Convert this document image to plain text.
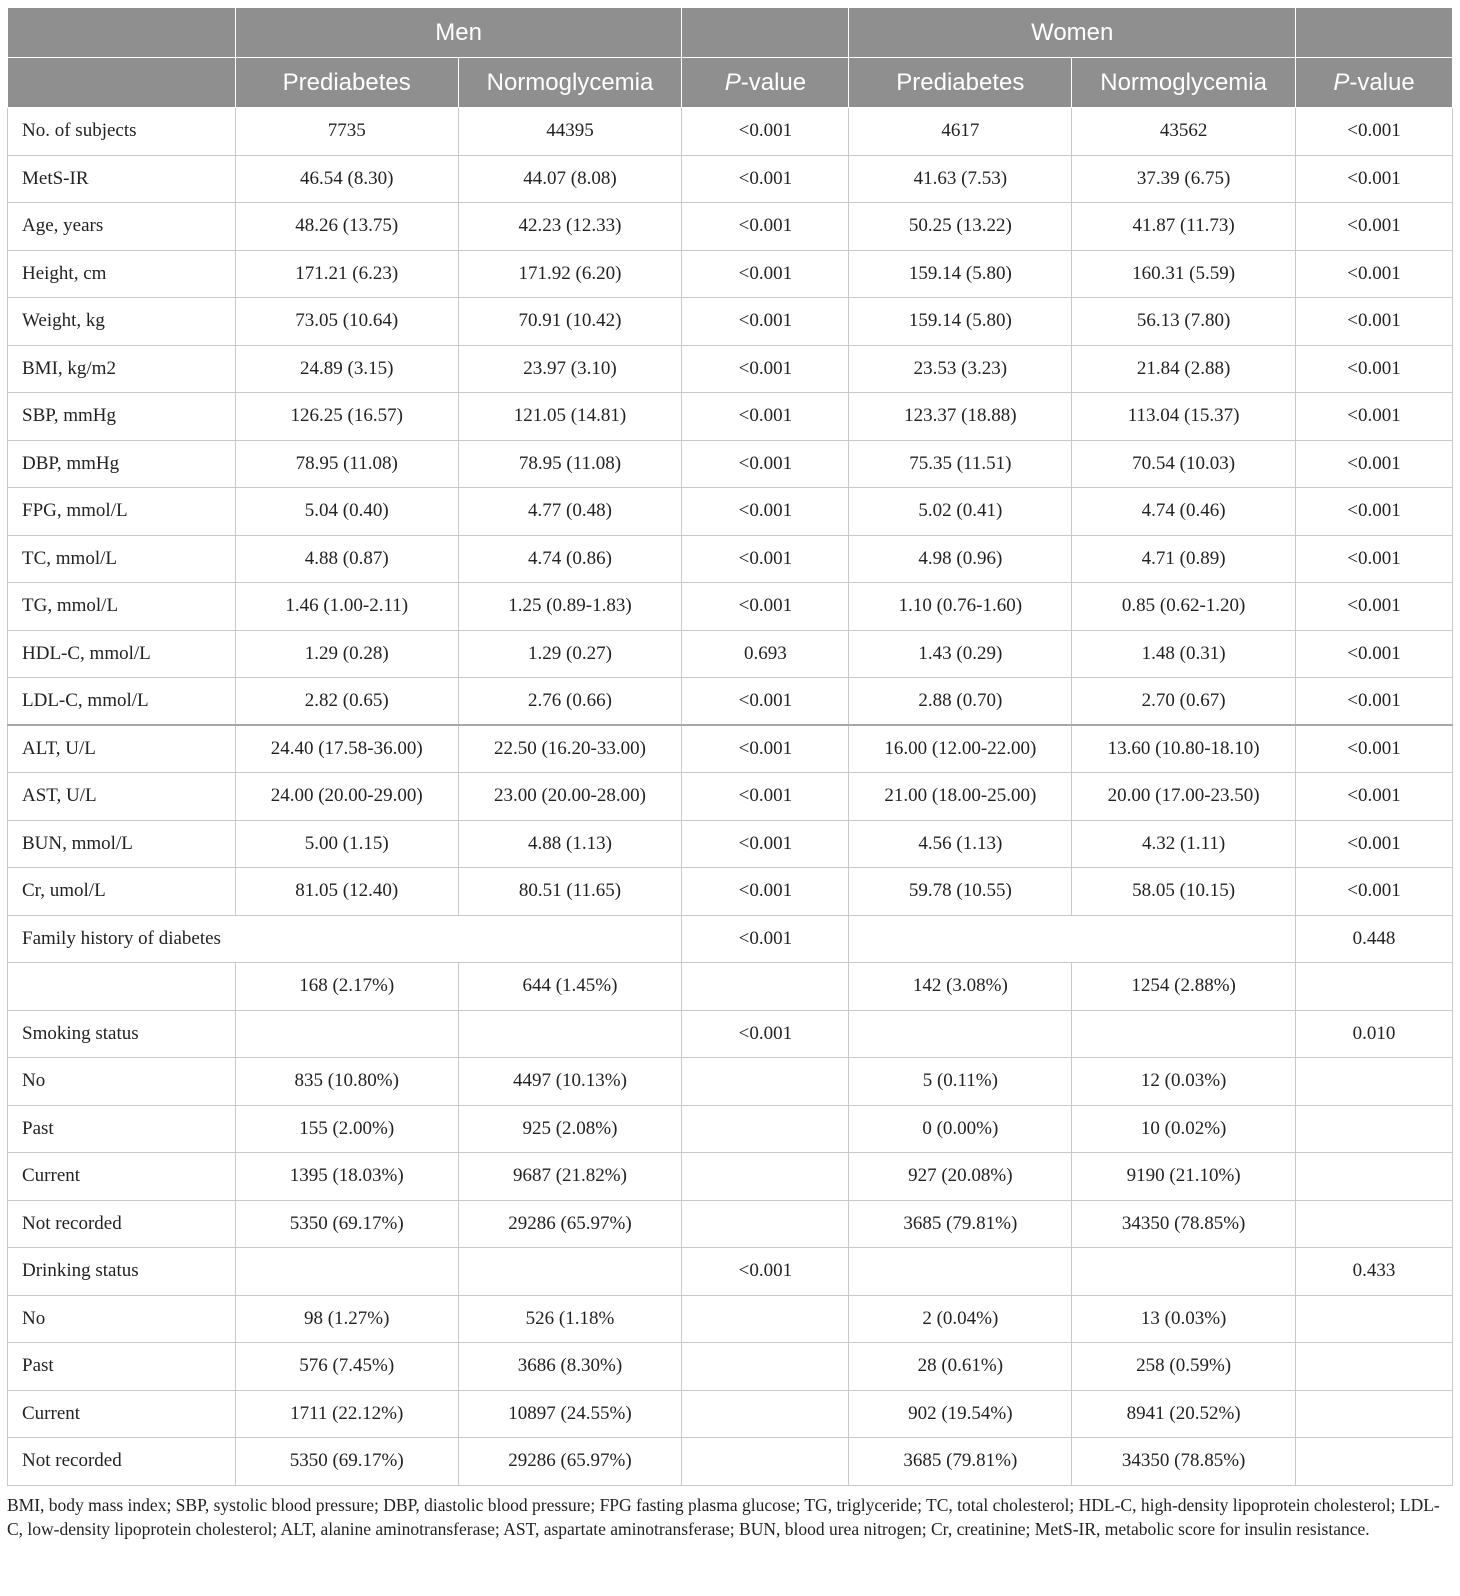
	Men			Women		
	Prediabetes	Normoglycemia	P-value	Prediabetes	Normoglycemia	P-value
No. of subjects	7735	44395	<0.001	4617	43562	<0.001
MetS-IR	46.54 (8.30)	44.07 (8.08)	<0.001	41.63 (7.53)	37.39 (6.75)	<0.001
Age, years	48.26 (13.75)	42.23 (12.33)	<0.001	50.25 (13.22)	41.87 (11.73)	<0.001
Height, cm	171.21 (6.23)	171.92 (6.20)	<0.001	159.14 (5.80)	160.31 (5.59)	<0.001
Weight, kg	73.05 (10.64)	70.91 (10.42)	<0.001	159.14 (5.80)	56.13 (7.80)	<0.001
BMI, kg/m2	24.89 (3.15)	23.97 (3.10)	<0.001	23.53 (3.23)	21.84 (2.88)	<0.001
SBP, mmHg	126.25 (16.57)	121.05 (14.81)	<0.001	123.37 (18.88)	113.04 (15.37)	<0.001
DBP, mmHg	78.95 (11.08)	78.95 (11.08)	<0.001	75.35 (11.51)	70.54 (10.03)	<0.001
FPG, mmol/L	5.04 (0.40)	4.77 (0.48)	<0.001	5.02 (0.41)	4.74 (0.46)	<0.001
TC, mmol/L	4.88 (0.87)	4.74 (0.86)	<0.001	4.98 (0.96)	4.71 (0.89)	<0.001
TG, mmol/L	1.46 (1.00-2.11)	1.25 (0.89-1.83)	<0.001	1.10 (0.76-1.60)	0.85 (0.62-1.20)	<0.001
HDL-C, mmol/L	1.29 (0.28)	1.29 (0.27)	0.693	1.43 (0.29)	1.48 (0.31)	<0.001
LDL-C, mmol/L	2.82 (0.65)	2.76 (0.66)	<0.001	2.88 (0.70)	2.70 (0.67)	<0.001
ALT, U/L	24.40 (17.58-36.00)	22.50 (16.20-33.00)	<0.001	16.00 (12.00-22.00)	13.60 (10.80-18.10)	<0.001
AST, U/L	24.00 (20.00-29.00)	23.00 (20.00-28.00)	<0.001	21.00 (18.00-25.00)	20.00 (17.00-23.50)	<0.001
BUN, mmol/L	5.00 (1.15)	4.88 (1.13)	<0.001	4.56 (1.13)	4.32 (1.11)	<0.001
Cr, umol/L	81.05 (12.40)	80.51 (11.65)	<0.001	59.78 (10.55)	58.05 (10.15)	<0.001
Family history of diabetes			<0.001			0.448
	168 (2.17%)	644 (1.45%)		142 (3.08%)	1254 (2.88%)	
Smoking status			<0.001			0.010
No	835 (10.80%)	4497 (10.13%)		5 (0.11%)	12 (0.03%)	
Past	155 (2.00%)	925 (2.08%)		0 (0.00%)	10 (0.02%)	
Current	1395 (18.03%)	9687 (21.82%)		927 (20.08%)	9190 (21.10%)	
Not recorded	5350 (69.17%)	29286 (65.97%)		3685 (79.81%)	34350 (78.85%)	
Drinking status			<0.001			0.433
No	98 (1.27%)	526 (1.18%		2 (0.04%)	13 (0.03%)	
Past	576 (7.45%)	3686 (8.30%)		28 (0.61%)	258 (0.59%)	
Current	1711 (22.12%)	10897 (24.55%)		902 (19.54%)	8941 (20.52%)	
Not recorded	5350 (69.17%)	29286 (65.97%)		3685 (79.81%)	34350 (78.85%)	
BMI, body mass index; SBP, systolic blood pressure; DBP, diastolic blood pressure; FPG fasting plasma glucose; TG, triglyceride; TC, total cholesterol; HDL-C, high-density lipoprotein cholesterol; LDL-C, low-density lipoprotein cholesterol; ALT, alanine aminotransferase; AST, aspartate aminotransferase; BUN, blood urea nitrogen; Cr, creatinine; MetS-IR, metabolic score for insulin resistance.
